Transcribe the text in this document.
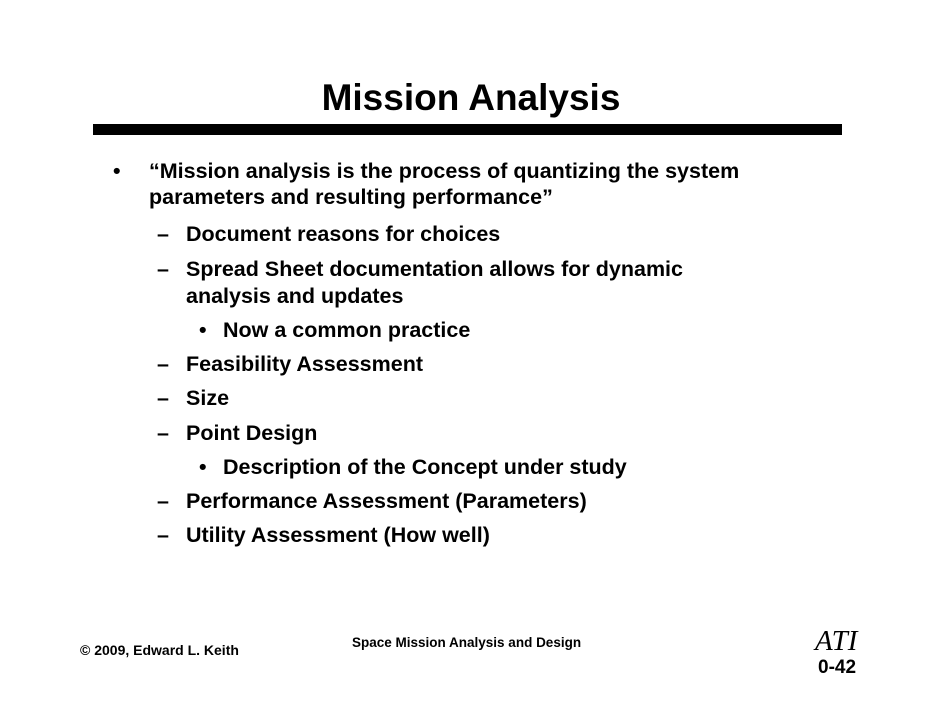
Mission Analysis
• “Mission analysis is the process of quantizing the system
parameters and resulting performance”
– Document reasons for choices
– Spread Sheet documentation allows for dynamic
analysis and updates
• Now a common practice
– Feasibility Assessment
– Size
– Point Design
• Description of the Concept under study
– Performance Assessment (Parameters)
– Utility Assessment (How well)
© 2009, Edward L. Keith	Space Mission Analysis and Design	ATI
0-42
